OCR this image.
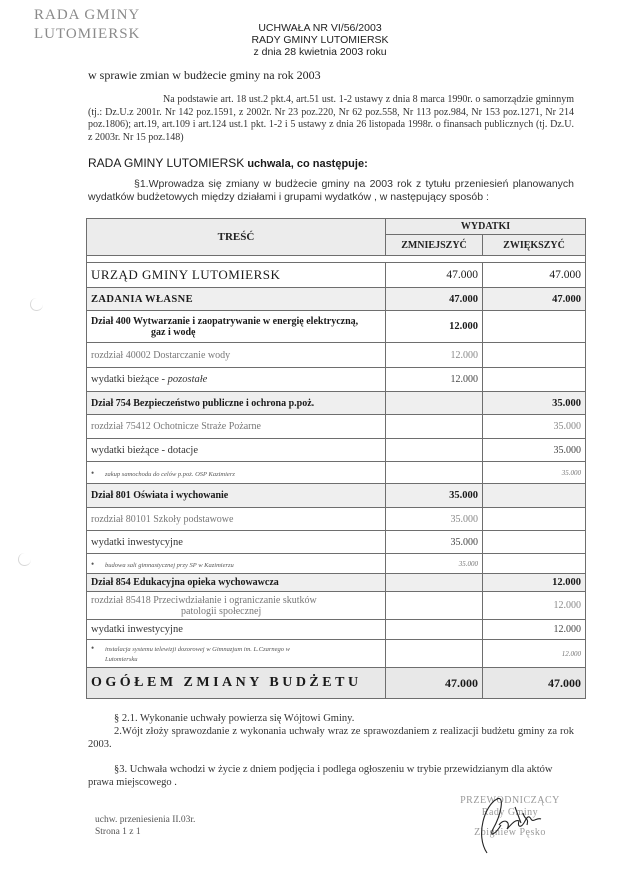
RADA GMINY
LUTOMIERSK	UCHWAŁA NR VI/56/2003
RADY GMINY LUTOMIERSK
z dnia 28 kwietnia 2003 roku
w sprawie zmian w budżecie gminy na rok 2003
Na podstawie art. 18 ust.2 pkt.4, art.51 ust. 1-2 ustawy z dnia 8 marca 1990r. o samorządzie gminnym (tj.: Dz.U.z 2001r. Nr 142 poz.1591, z 2002r. Nr 23 poz.220, Nr 62 poz.558, Nr 113 poz.984, Nr 153 poz.1271, Nr 214 poz.1806); art.19, art.109 i art.124 ust.1 pkt. 1-2 i 5 ustawy z dnia 26 listopada 1998r. o finansach publicznych (tj. Dz.U. z 2003r. Nr 15 poz.148)
RADA GMINY LUTOMIERSK uchwala, co następuje:
§1.Wprowadza się zmiany w budżecie gminy na 2003 rok z tytułu przeniesień planowanych wydatków budżetowych między działami i grupami wydatków , w następujący sposób :
TREŚĆ	WYDATKI	
	ZMNIEJSZYĆ	ZWIĘKSZYĆ

URZĄD GMINY LUTOMIERSK	47.000	47.000
ZADANIA WŁASNE	47.000	47.000
Dział 400 Wytwarzanie i zaopatrywanie w energię elektryczną,
gaz i wodę	12.000	
rozdział 40002 Dostarczanie wody	12.000	
wydatki bieżące - pozostałe	12.000	
Dział 754 Bezpieczeństwo publiczne i ochrona p.poż.		35.000
rozdział 75412 Ochotnicze Straże Pożarne		35.000
wydatki bieżące - dotacje		35.000
• zakup samochodu do celów p.poż. OSP Kazimierz		35.000
Dział 801 Oświata i wychowanie	35.000	
rozdział 80101 Szkoły podstawowe	35.000	
wydatki inwestycyjne	35.000	
• budowa sali gimnastycznej przy SP w Kazimierzu	35.000	
Dział 854 Edukacyjna opieka wychowawcza		12.000
rozdział 85418 Przeciwdziałanie i ograniczanie skutków
patologii społecznej		12.000
wydatki inwestycyjne		12.000
• instalacja systemu telewizji dozorowej w Gimnazjum im. L.Czarnego w
Lutomiersku		12.000
OGÓŁEM ZMIANY BUDŻETU	47.000	47.000
§ 2.1. Wykonanie uchwały powierza się Wójtowi Gminy.
2.Wójt złoży sprawozdanie z wykonania uchwały wraz ze sprawozdaniem z realizacji budżetu gminy za rok 2003.
§3. Uchwała wchodzi w życie z dniem podjęcia i podlega ogłoszeniu w trybie przewidzianym dla aktów prawa miejscowego .
uchw. przeniesienia II.03r.
Strona 1 z 1
PRZEWODNICZĄCY
Rady Gminy
Zbigniew Pęsko
